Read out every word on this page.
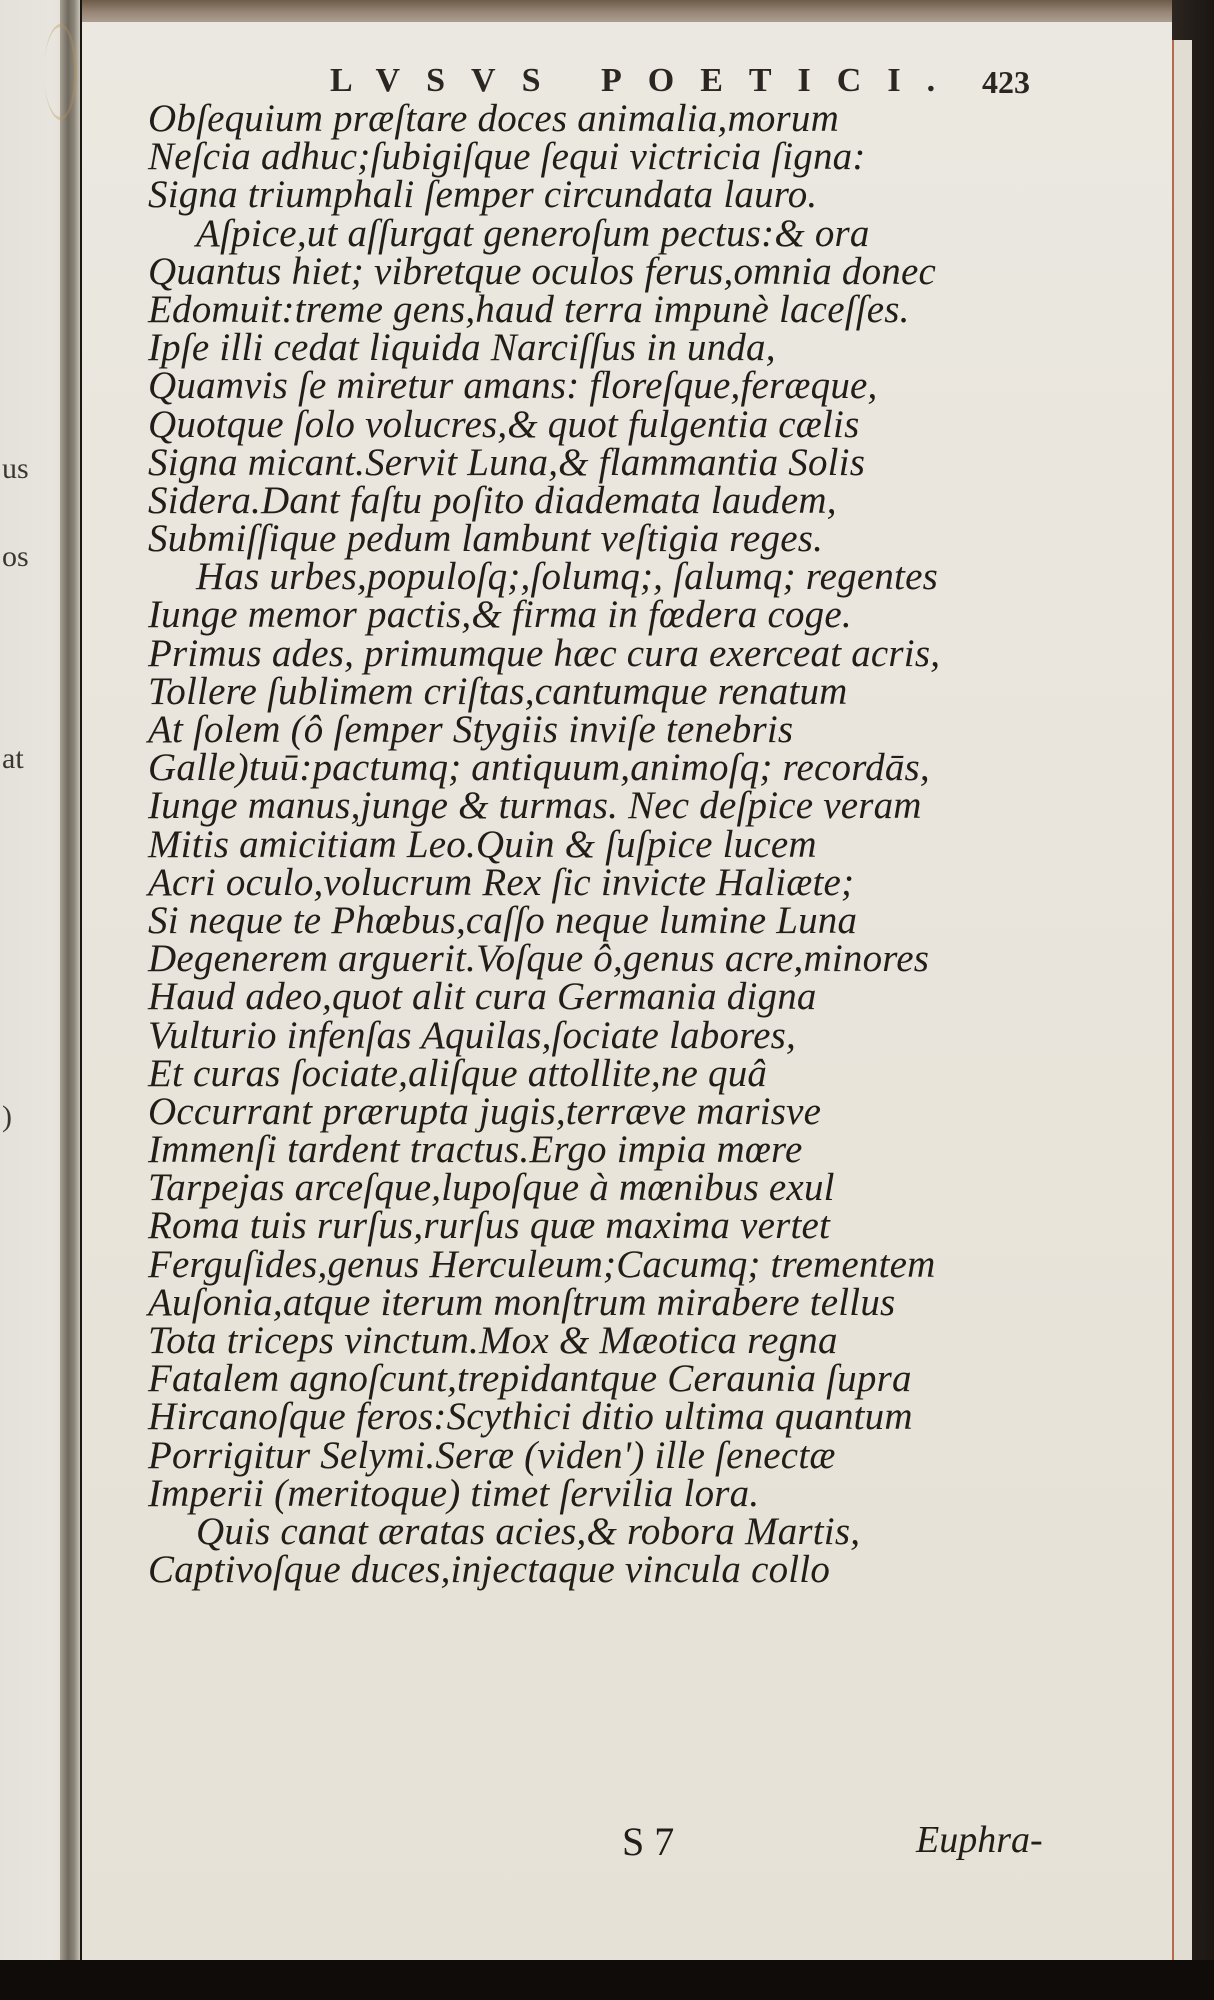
us
os
at
)
LVSVS POETICI. 423
Obſequium præſtare doces animalia,morum
Neſcia adhuc;ſubigiſque ſequi victricia ſigna:
Signa triumphali ſemper circundata lauro.
Aſpice,ut aſſurgat generoſum pectus:& ora
Quantus hiet; vibretque oculos ferus,omnia donec
Edomuit:treme gens,haud terra impunè laceſſes.
Ipſe illi cedat liquida Narciſſus in unda,
Quamvis ſe miretur amans: floreſque,feræque,
Quotque ſolo volucres,& quot fulgentia cælis
Signa micant.Servit Luna,& flammantia Solis
Sidera.Dant faſtu poſito diademata laudem,
Submiſſique pedum lambunt veſtigia reges.
Has urbes,populoſq;,ſolumq;, ſalumq; regentes
Iunge memor pactis,& firma in fœdera coge.
Primus ades, primumque hæc cura exerceat acris,
Tollere ſublimem criſtas,cantumque renatum
At ſolem (ô ſemper Stygiis inviſe tenebris
Galle)tuū:pactumq; antiquum,animoſq; recordās,
Iunge manus,junge & turmas. Nec deſpice veram
Mitis amicitiam Leo.Quin & ſuſpice lucem
Acri oculo,volucrum Rex ſic invicte Haliæte;
Si neque te Phœbus,caſſo neque lumine Luna
Degenerem arguerit.Voſque ô,genus acre,minores
Haud adeo,quot alit cura Germania digna
Vulturio infenſas Aquilas,ſociate labores,
Et curas ſociate,aliſque attollite,ne quâ
Occurrant prærupta jugis,terræve marisve
Immenſi tardent tractus.Ergo impia mœre
Tarpejas arceſque,lupoſque à mœnibus exul
Roma tuis rurſus,rurſus quæ maxima vertet
Ferguſides,genus Herculeum;Cacumq; trementem
Auſonia,atque iterum monſtrum mirabere tellus
Tota triceps vinctum.Mox & Mæotica regna
Fatalem agnoſcunt,trepidantque Ceraunia ſupra
Hircanoſque feros:Scythici ditio ultima quantum
Porrigitur Selymi.Seræ (viden') ille ſenectæ
Imperii (meritoque) timet ſervilia lora.
Quis canat æratas acies,& robora Martis,
Captivoſque duces,injectaque vincula collo
S 7	Euphra-
